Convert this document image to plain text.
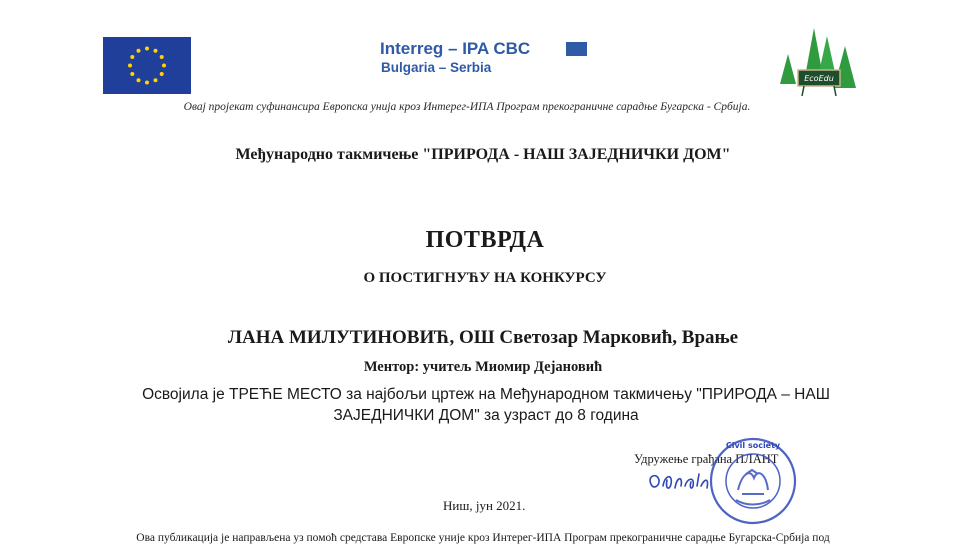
Interreg – IPA CBC
Bulgaria – Serbia
EcoEdu
Овај пројекат суфинансира Европска унија кроз Интерег-ИПА Програм прекограничне сарадње Бугарска - Србија.
Међународно такмичење "ПРИРОДА - НАШ ЗАЈЕДНИЧКИ ДОМ"
ПОТВРДА
О ПОСТИГНУЋУ НА КОНКУРСУ
ЛАНА МИЛУТИНОВИЋ, ОШ Светозар Марковић, Врање
Ментор: учитељ Миомир Дејановић
Освојила је ТРЕЋЕ МЕСТО за најбољи цртеж на Међународном такмичењу "ПРИРОДА – НАШ
ЗАЈЕДНИЧКИ ДОМ" за узраст до 8 година
Удружење грађана ПЛАНТ
Civil society
Ниш, јун 2021.
Ова публикација је направљена уз помоћ средстава Европске уније кроз Интерег-ИПА Програм прекограничне сарадње Бугарска-Србија под
